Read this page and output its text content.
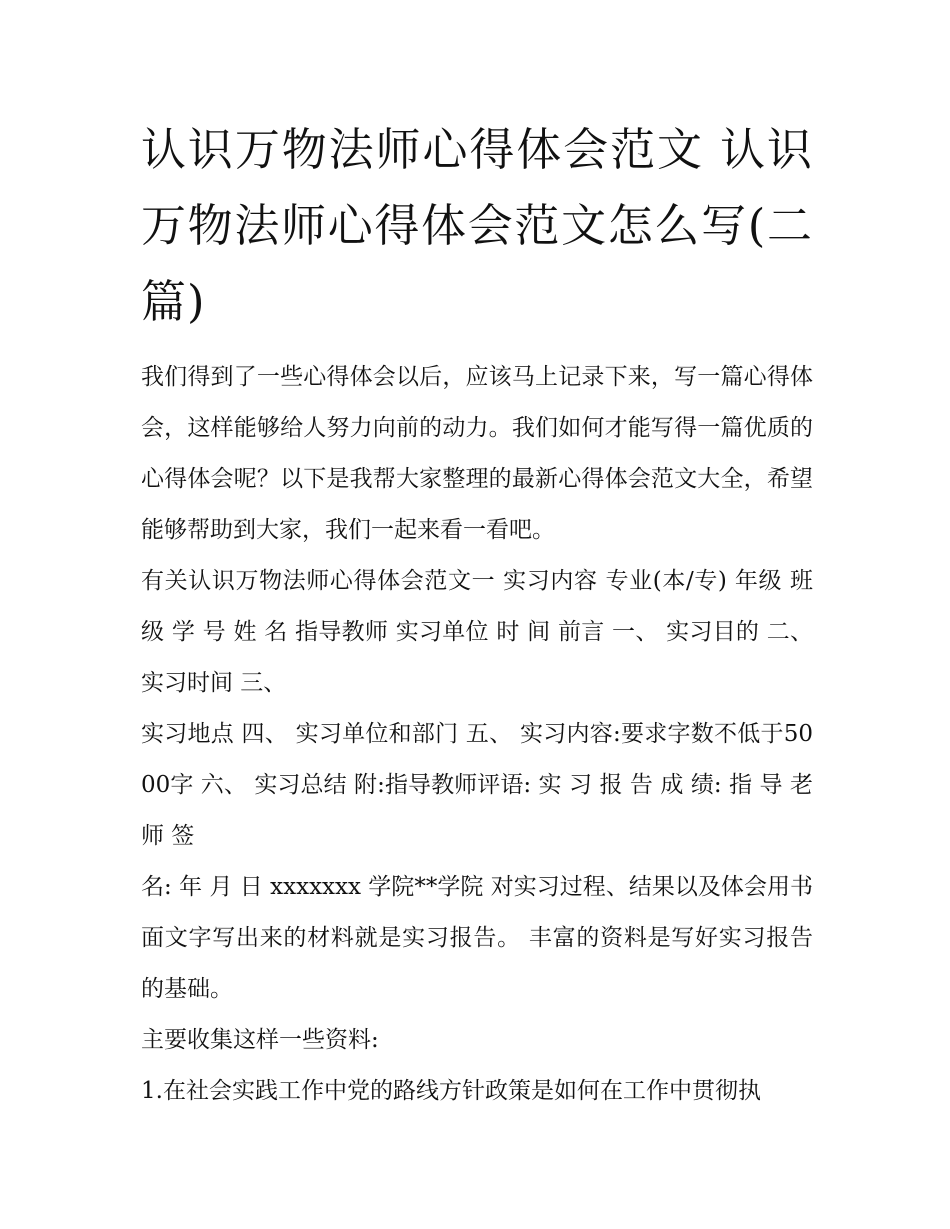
认识万物法师心得体会范文 认识万物法师心得体会范文怎么写(二篇)

我们得到了一些心得体会以后，应该马上记录下来，写一篇心得体会，这样能够给人努力向前的动力。我们如何才能写得一篇优质的心得体会呢？以下是我帮大家整理的最新心得体会范文大全，希望能够帮助到大家，我们一起来看一看吧。

有关认识万物法师心得体会范文一 实习内容 专业(本/专) 年级 班级 学 号 姓 名 指导教师 实习单位 时 间 前言 一、 实习目的 二、 实习时间 三、

实习地点 四、 实习单位和部门 五、 实习内容:要求字数不低于5000字 六、 实习总结 附:指导教师评语: 实 习 报 告 成 绩: 指 导 老 师 签

名: 年 月 日 xxxxxxx 学院**学院 对实习过程、结果以及体会用书面文字写出来的材料就是实习报告。 丰富的资料是写好实习报告的基础。

主要收集这样一些资料:

1.在社会实践工作中党的路线方针政策是如何在工作中贯彻执
